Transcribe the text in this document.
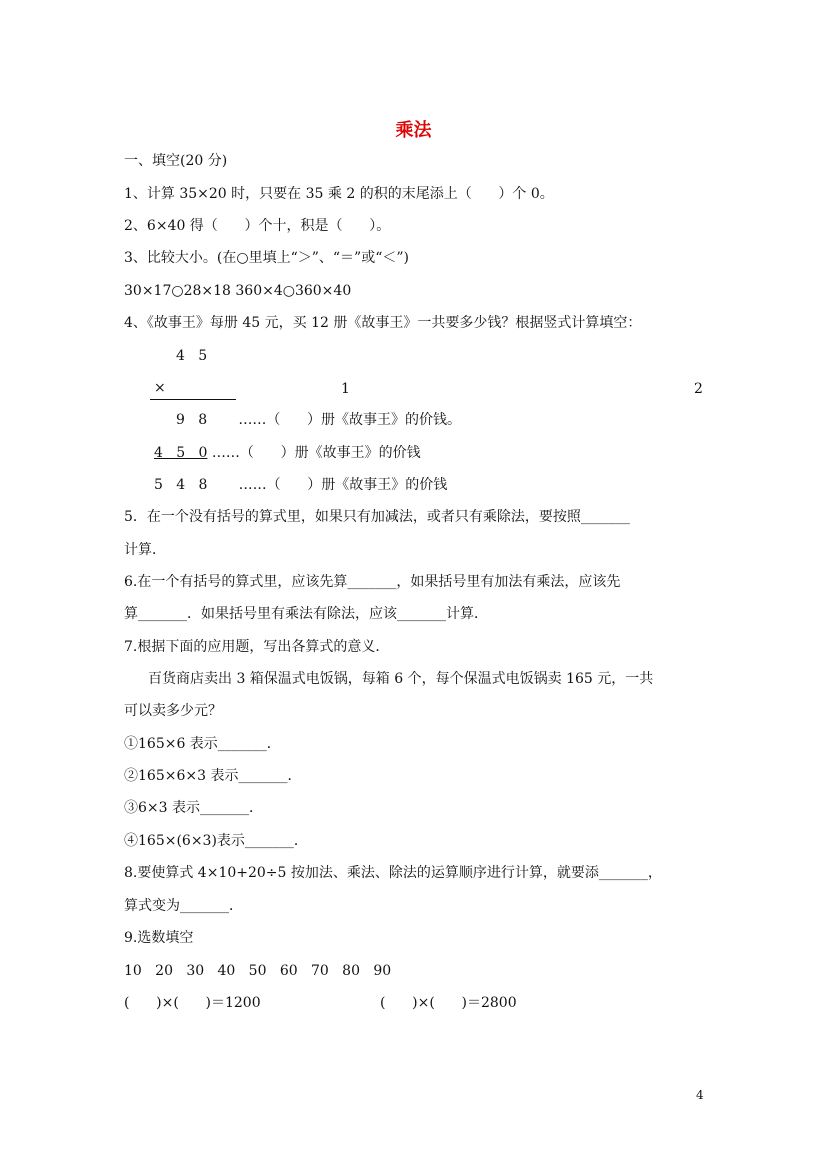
乘法
一、填空(20 分)
1、计算 35×20 时，只要在 35 乘 2 的积的末尾添上（      ）个 0。
2、6×40 得（      ）个十，积是（      ）。
3、比较大小。(在○里填上“＞”、“＝”或“＜”)
30×17○28×18 360×4○360×40
4、《故事王》每册 45 元，买 12 册《故事王》一共要多少钱？根据竖式计算填空：
4   5
×	1	2
9   8       ……（      ）册《故事王》的价钱。
4   5   0 ……（      ）册《故事王》的价钱
5   4   8       ……（      ）册《故事王》的价钱
5．在一个没有括号的算式里，如果只有加减法，或者只有乘除法，要按照_______
计算．
6.在一个有括号的算式里，应该先算_______，如果括号里有加法有乘法，应该先
算_______．如果括号里有乘法有除法，应该_______计算．
7.根据下面的应用题，写出各算式的意义．
百货商店卖出 3 箱保温式电饭锅，每箱 6 个，每个保温式电饭锅卖 165 元，一共
可以卖多少元？
①165×6 表示_______．
②165×6×3 表示_______．
③6×3 表示_______．
④165×(6×3)表示_______．
8.要使算式 4×10+20÷5 按加法、乘法、除法的运算顺序进行计算，就要添_______，
算式变为_______．
9.选数填空
10   20   30   40   50   60   70   80   90
(      )×(      )＝1200	(      )×(      )＝2800
4
